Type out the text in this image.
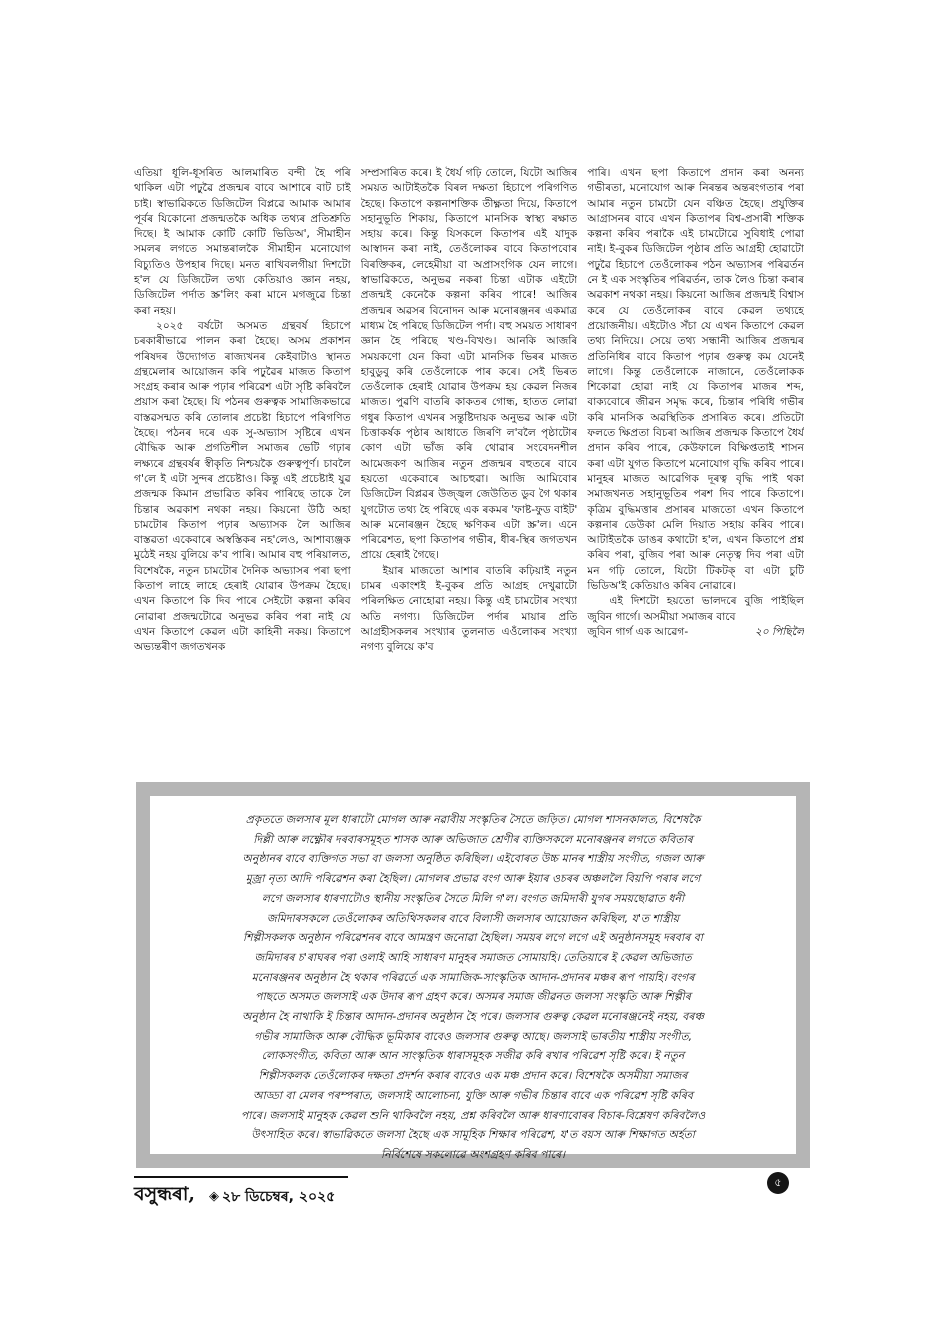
এতিয়া ধূলি-ধূসৰিত আলমাৰিত বন্দী হৈ পৰি থাকিল এটা পঢ়ুৱৈ প্ৰজন্মৰ বাবে আশাৰে বাট চাই চাই। স্বাভাৱিকতে ডিজিটেল বিপ্লৱে আমাক আমাৰ পূৰ্বৰ যিকোনো প্ৰজন্মতকৈ অধিক তথ্যৰ প্ৰতিশ্ৰুতি দিছে। ই আমাক কোটি কোটি ভিডিঅ', সীমাহীন সমলৰ লগতে সমান্তৰালকৈ সীমাহীন মনোযোগ বিচ্যুতিও উপহাৰ দিছে। মনত ৰাখিবলগীয়া দিশটো হ'ল যে ডিজিটেল তথ্য কেতিয়াও জ্ঞান নহয়, ডিজিটেল পৰ্দাত স্ক্ৰ'লিং কৰা মানে মগজুৱে চিন্তা কৰা নহয়।

২০২৫ বৰ্ষটো অসমত গ্ৰন্থবৰ্ষ হিচাপে চৰকাৰীভাৱে পালন কৰা হৈছে। অসম প্ৰকাশন পৰিষদৰ উদ্যোগত ৰাজ্যখনৰ কেইবাটাও স্থানত গ্ৰন্থমেলাৰ আয়োজন কৰি পঢ়ুৱৈৰ মাজত কিতাপ সংগ্ৰহ কৰাৰ আৰু পঢ়াৰ পৰিৱেশ এটা সৃষ্টি কৰিবলৈ প্ৰয়াস কৰা হৈছে। যি পঠনৰ গুৰুত্বক সামাজিকভাৱে বাস্তৱসন্মত কৰি তোলাৰ প্ৰচেষ্টা হিচাপে পৰিগণিত হৈছে। পঠনৰ দৰে এক সু-অভ্যাস সৃষ্টিৰে এখন বৌদ্ধিক আৰু প্ৰগতিশীল সমাজৰ ভেটি গঢ়াৰ লক্ষ্যৰে গ্ৰন্থবৰ্ষৰ স্বীকৃতি নিশ্চয়কৈ গুৰুত্বপূৰ্ণ। চাবলৈ গ'লে ই এটা সুন্দৰ প্ৰচেষ্টাও। কিন্তু এই প্ৰচেষ্টাই যুৱ প্ৰজন্মক কিমান প্ৰভাৱিত কৰিব পাৰিছে তাকে লৈ চিন্তাৰ অৱকাশ নথকা নহয়। কিয়নো উঠি অহা চামটোৰ কিতাপ পঢ়াৰ অভ্যাসক লৈ আজিৰ বাস্তৱতা একেবাৰে অস্বস্তিকৰ নহ'লেও, আশাব্যঞ্জক মুঠেই নহয় বুলিয়ে ক'ব পাৰি। আমাৰ বহু পৰিয়ালত, বিশেষকৈ, নতুন চামটোৰ দৈনিক অভ্যাসৰ পৰা ছপা কিতাপ লাহে লাহে হেৰাই যোৱাৰ উপক্ৰম হৈছে। এখন কিতাপে কি দিব পাৰে সেইটো কল্পনা কৰিব নোৱাৰা প্ৰজন্মটোৱে অনুভৱ কৰিব পৰা নাই যে এখন কিতাপে কেৱল এটা কাহিনী নকয়। কিতাপে অভ্যন্তৰীণ জগতখনক

সম্প্ৰসাৰিত কৰে। ই ধৈৰ্য গঢ়ি তোলে, যিটো আজিৰ সময়ত আটাইতকৈ বিৰল দক্ষতা হিচাপে পৰিগণিত হৈছে। কিতাপে কল্পনাশক্তিক তীক্ষ্ণতা দিয়ে, কিতাপে সহানুভূতি শিকায়, কিতাপে মানসিক স্বাস্থ্য ৰক্ষাত সহায় কৰে। কিন্তু যিসকলে কিতাপৰ এই যাদুক আস্বাদন কৰা নাই, তেওঁলোকৰ বাবে কিতাপবোৰ বিৰক্তিকৰ, লেহেমীয়া বা অপ্ৰাসংগিক যেন লাগে। স্বাভাৱিকতে, অনুভৱ নকৰা চিন্তা এটাক এইটো প্ৰজন্মই কেনেকৈ কল্পনা কৰিব পাৰে! আজিৰ প্ৰজন্মৰ অৱসৰ বিনোদন আৰু মনোৰঞ্জনৰ একমাত্ৰ মাধ্যম হৈ পৰিছে ডিজিটেল পৰ্দা। বহু সময়ত সাধাৰণ জ্ঞান হৈ পৰিছে খণ্ড-বিখণ্ড। আনকি আজৰি সময়কণো যেন কিবা এটা মানসিক ভিৰৰ মাজত হাবুডুবু কৰি তেওঁলোকে পাৰ কৰে। সেই ভিৰত তেওঁলোক হেৰাই যোৱাৰ উপক্ৰম হয় কেৱল নিজৰ মাজত। পুৱণি বাতৰি কাকতৰ গোন্ধ, হাতত লোৱা গধুৰ কিতাপ এখনৰ সন্তুষ্টিদায়ক অনুভৱ আৰু এটা চিত্তাকৰ্ষক পৃষ্ঠাৰ আধাতে জিৰণি ল'বলৈ পৃষ্ঠাটোৰ কোণ এটা ভাঁজ কৰি থোৱাৰ সংবেদনশীল আমেজকণ আজিৰ নতুন প্ৰজন্মৰ বহুতৰে বাবে হয়তো একেবাৰে আচহুৱা। আজি আমিবোৰ ডিজিটেল বিপ্লৱৰ উজ্জ্বল জেউতিত ডুব গৈ থকাৰ যুগটোত তথ্য হৈ পৰিছে এক ৰকমৰ 'ফাষ্ট-ফুড বাইট' আৰু মনোৰঞ্জন হৈছে ক্ষণিকৰ এটা স্ক্ৰ'ল। এনে পৰিৱেশত, ছপা কিতাপৰ গভীৰ, ধীৰ-স্থিৰ জগতখন প্ৰায়ে হেৰাই গৈছে।

ইয়াৰ মাজতো আশাৰ বাতৰি কঢ়িয়াই নতুন চামৰ একাংশই ই-বুকৰ প্ৰতি আগ্ৰহ দেখুৱাটো পৰিলক্ষিত নোহোৱা নহয়। কিন্তু এই চামটোৰ সংখ্যা অতি নগণ্য। ডিজিটেল পৰ্দাৰ মায়াৰ প্ৰতি আগ্ৰহীসকলৰ সংখ্যাৰ তুলনাত এওঁলোকৰ সংখ্যা নগণ্য বুলিয়ে ক'ব

পাৰি। এখন ছপা কিতাপে প্ৰদান কৰা অনন্য গভীৰতা, মনোযোগ আৰু নিৰন্তৰ অন্তৰংগতাৰ পৰা আমাৰ নতুন চামটো যেন বঞ্চিত হৈছে। প্ৰযুক্তিৰ আগ্ৰাসনৰ বাবে এখন কিতাপৰ বিশ্ব-প্ৰসাৰী শক্তিক কল্পনা কৰিব পৰাকৈ এই চামটোৱে সুবিধাই পোৱা নাই। ই-বুকৰ ডিজিটেল পৃষ্ঠাৰ প্ৰতি আগ্ৰহী হোৱাটো পঢ়ুৱৈ হিচাপে তেওঁলোকৰ পঠন অভ্যাসৰ পৰিৱৰ্তন নে ই এক সংস্কৃতিৰ পৰিৱৰ্তন, তাক লৈও চিন্তা কৰাৰ অৱকাশ নথকা নহয়। কিয়নো আজিৰ প্ৰজন্মই বিশ্বাস কৰে যে তেওঁলোকৰ বাবে কেৱল তথ্যহে প্ৰয়োজনীয়। এইটোও সঁচা যে এখন কিতাপে কেৱল তথ্য নিদিয়ে। সেয়ে তথ্য সন্ধানী আজিৰ প্ৰজন্মৰ প্ৰতিনিধিৰ বাবে কিতাপ পঢ়াৰ গুৰুত্ব কম যেনেই লাগে। কিন্তু তেওঁলোকে নাজানে, তেওঁলোকক শিকোৱা হোৱা নাই যে কিতাপৰ মাজৰ শব্দ, বাক্যবোৰে জীৱন সমৃদ্ধ কৰে, চিন্তাৰ পৰিধি গভীৰ কৰি মানসিক অৱস্থিতিক প্ৰসাৰিত কৰে। প্ৰতিটো ফলতে ক্ষিপ্ৰতা বিচৰা আজিৰ প্ৰজন্মক কিতাপে ধৈৰ্য প্ৰদান কৰিব পাৰে, কেউফালে বিক্ষিপ্ততাই শাসন কৰা এটা যুগত কিতাপে মনোযোগ বৃদ্ধি কৰিব পাৰে। মানুহৰ মাজত আৱেগিক দূৰত্ব বৃদ্ধি পাই থকা সমাজখনত সহানুভূতিৰ পৰশ দিব পাৰে কিতাপে। কৃত্ৰিম বুদ্ধিমত্তাৰ প্ৰসাৰৰ মাজতো এখন কিতাপে কল্পনাৰ ডেউকা মেলি দিয়াত সহায় কৰিব পাৰে। আটাইতকৈ ডাঙৰ কথাটো হ'ল, এখন কিতাপে প্ৰশ্ন কৰিব পৰা, বুজিব পৰা আৰু নেতৃত্ব দিব পৰা এটা মন গঢ়ি তোলে, যিটো টিকটক্ বা এটা চুটি ভিডিঅ'ই কেতিয়াও কৰিব নোৱাৰে।

এই দিশটো হয়তো ভালদৰে বুজি পাইছিল জুবিন গাৰ্গে। অসমীয়া সমাজৰ বাবে

জুবিন গাৰ্গ এক আৱেগ-	২০ পিছিলৈ
প্ৰকৃততে জলসাৰ মূল ধাৰাটো মোগল আৰু নৱাবীয় সংস্কৃতিৰ সৈতে জড়িত। মোগল শাসনকালত, বিশেষকৈ
দিল্লী আৰু লক্ষ্ণৌৰ দৰবাৰসমূহত শাসক আৰু অভিজাত শ্ৰেণীৰ ব্যক্তিসকলে মনোৰঞ্জনৰ লগতে কবিতাৰ
অনুষ্ঠানৰ বাবে ব্যক্তিগত সভা বা জলসা অনুষ্ঠিত কৰিছিল। এইবোৰত উচ্চ মানৰ শাস্ত্ৰীয় সংগীত, গজল আৰু
মুজ্ৰা নৃত্য আদি পৰিৱেশন কৰা হৈছিল। মোগলৰ প্ৰভাৱ বংগ আৰু ইয়াৰ ওচৰৰ অঞ্চললৈ বিয়পি পৰাৰ লগে
লগে জলসাৰ ধাৰণাটোও স্থানীয় সংস্কৃতিৰ সৈতে মিলি গ'ল। বংগত জমিদাৰী যুগৰ সময়ছোৱাত ধনী
জমিদাৰসকলে তেওঁলোকৰ অতিথিসকলৰ বাবে বিলাসী জলসাৰ আয়োজন কৰিছিল, য'ত শাস্ত্ৰীয়
শিল্পীসকলক অনুষ্ঠান পৰিৱেশনৰ বাবে আমন্ত্ৰণ জনোৱা হৈছিল। সময়ৰ লগে লগে এই অনুষ্ঠানসমূহ দৰবাৰ বা
জমিদাৰৰ চ'ৰাঘৰৰ পৰা ওলাই আহি সাধাৰণ মানুহৰ সমাজত সোমায়হি। তেতিয়াৰে ই কেৱল অভিজাত
মনোৰঞ্জনৰ অনুষ্ঠান হৈ থকাৰ পৰিৱৰ্তে এক সামাজিক-সাংস্কৃতিক আদান-প্ৰদানৰ মঞ্চৰ ৰূপ পায়হি। বংগৰ
পাছতে অসমত জলসাই এক উদাৰ ৰূপ গ্ৰহণ কৰে। অসমৰ সমাজ জীৱনত জলসা সংস্কৃতি আৰু শিল্পীৰ
অনুষ্ঠান হৈ নাথাকি ই চিন্তাৰ আদান-প্ৰদানৰ অনুষ্ঠান হৈ পৰে। জলসাৰ গুৰুত্ব কেৱল মনোৰঞ্জনেই নহয়, বৰঞ্চ
গভীৰ সামাজিক আৰু বৌদ্ধিক ভূমিকাৰ বাবেও জলসাৰ গুৰুত্ব আছে। জলসাই ভাৰতীয় শাস্ত্ৰীয় সংগীত,
লোকসংগীত, কবিতা আৰু আন সাংস্কৃতিক ধাৰাসমূহক সজীৱ কৰি ৰখাৰ পৰিৱেশ সৃষ্টি কৰে। ই নতুন
শিল্পীসকলক তেওঁলোকৰ দক্ষতা প্ৰদৰ্শন কৰাৰ বাবেও এক মঞ্চ প্ৰদান কৰে। বিশেষকৈ অসমীয়া সমাজৰ
আড্ডা বা মেলৰ পৰম্পৰাত, জলসাই আলোচনা, যুক্তি আৰু গভীৰ চিন্তাৰ বাবে এক পৰিৱেশ সৃষ্টি কৰিব
পাৰে। জলসাই মানুহক কেৱল শুনি থাকিবলৈ নহয়, প্ৰশ্ন কৰিবলৈ আৰু ধাৰণাবোৰৰ বিচাৰ-বিশ্লেষণ কৰিবলৈও
উৎসাহিত কৰে। স্বাভাৱিকতে জলসা হৈছে এক সামূহিক শিক্ষাৰ পৰিৱেশ, য'ত বয়স আৰু শিক্ষাগত অৰ্হতা
নিৰ্বিশেষে সকলোৱে অংশগ্ৰহণ কৰিব পাৰে।
বসুন্ধৰা, ◈ ২৮ ডিচেম্বৰ, ২০২৫
৫
